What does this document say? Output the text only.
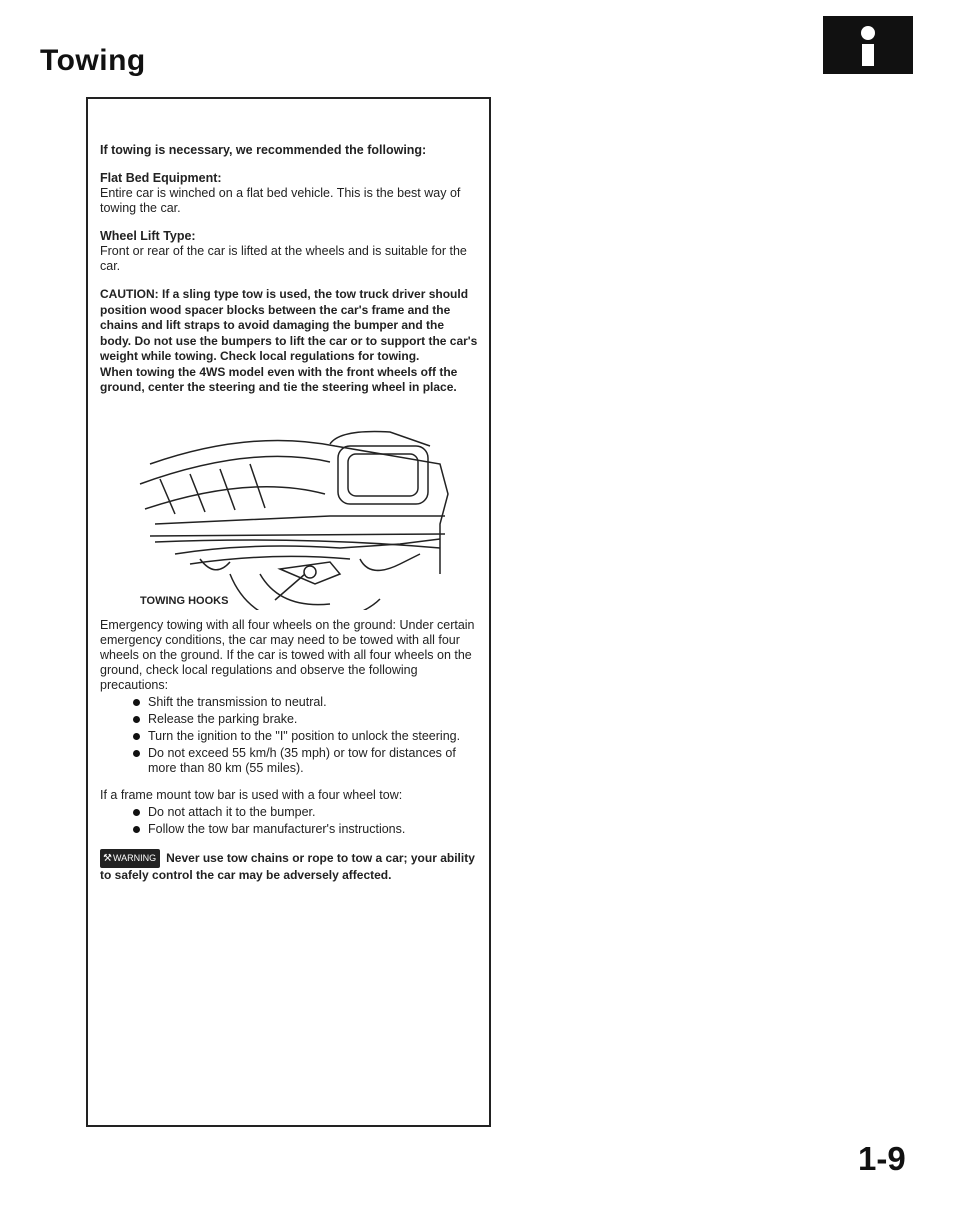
Towing

If towing is necessary, we recommended the following:

Flat Bed Equipment:
Entire car is winched on a flat bed vehicle. This is the best way of towing the car.

Wheel Lift Type:
Front or rear of the car is lifted at the wheels and is suitable for the car.

CAUTION: If a sling type tow is used, the tow truck driver should position wood spacer blocks between the car's frame and the chains and lift straps to avoid damaging the bumper and the body. Do not use the bumpers to lift the car or to support the car's weight while towing. Check local regulations for towing.
When towing the 4WS model even with the front wheels off the ground, center the steering and tie the steering wheel in place.

TOWING HOOKS

Emergency towing with all four wheels on the ground: Under certain emergency conditions, the car may need to be towed with all four wheels on the ground. If the car is towed with all four wheels on the ground, check local regulations and observe the following precautions:

Shift the transmission to neutral.
Release the parking brake.
Turn the ignition to the "I" position to unlock the steering.
Do not exceed 55 km/h (35 mph) or tow for distances of more than 80 km (55 miles).

If a frame mount tow bar is used with a four wheel tow:

Do not attach it to the bumper.
Follow the tow bar manufacturer's instructions.

⚒WARNING Never use tow chains or rope to tow a car; your ability to safely control the car may be adversely affected.

1-9
